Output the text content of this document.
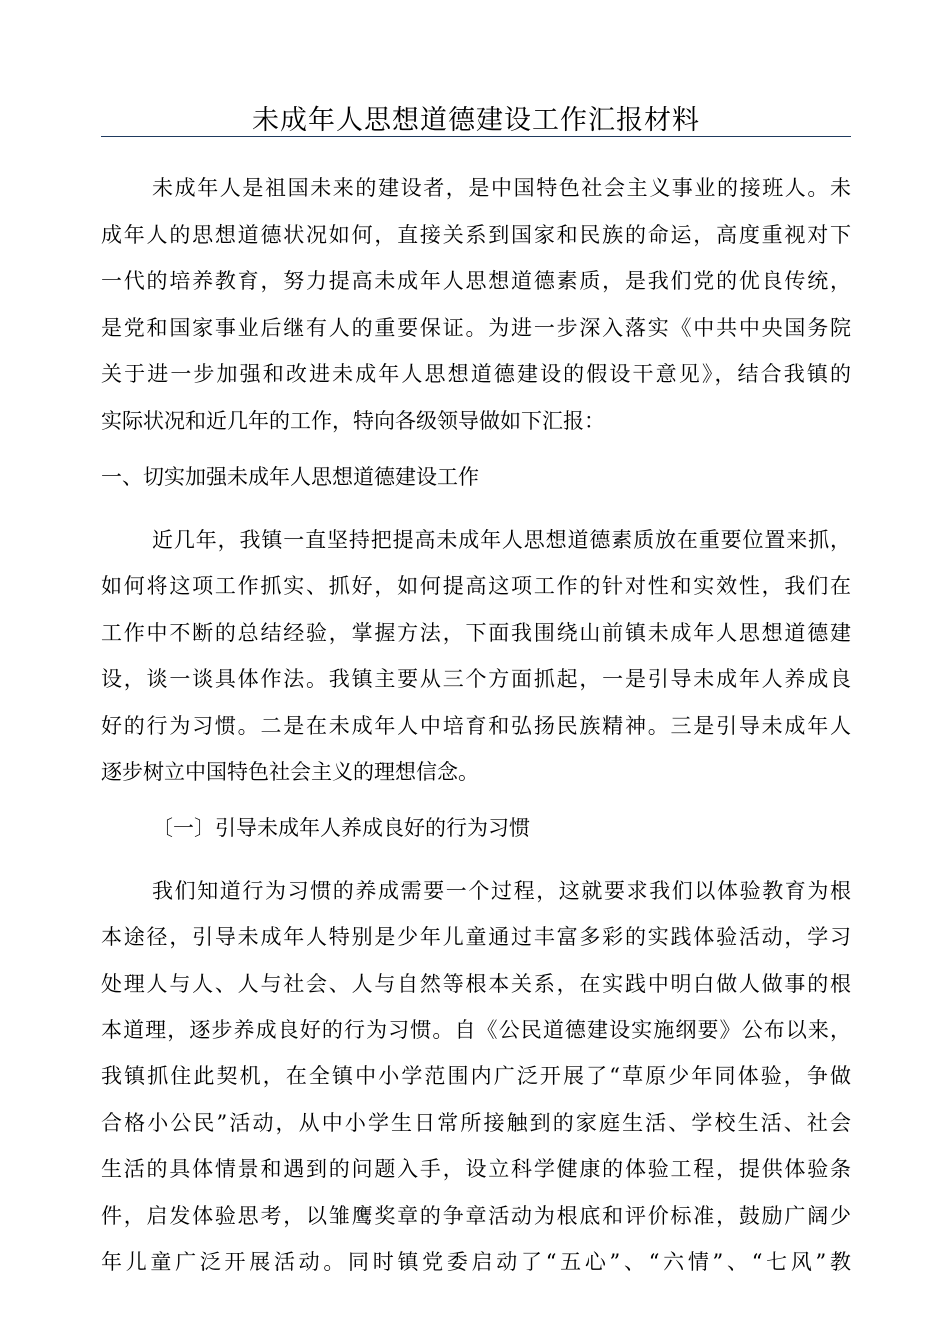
未成年人思想道德建设工作汇报材料
未成年人是祖国未来的建设者，是中国特色社会主义事业的接班人。未
成年人的思想道德状况如何，直接关系到国家和民族的命运，高度重视对下
一代的培养教育，努力提高未成年人思想道德素质，是我们党的优良传统，
是党和国家事业后继有人的重要保证。为进一步深入落实《中共中央国务院
关于进一步加强和改进未成年人思想道德建设的假设干意见》，结合我镇的
实际状况和近几年的工作，特向各级领导做如下汇报：
一、切实加强未成年人思想道德建设工作
近几年，我镇一直坚持把提高未成年人思想道德素质放在重要位置来抓，
如何将这项工作抓实、抓好，如何提高这项工作的针对性和实效性，我们在
工作中不断的总结经验，掌握方法，下面我围绕山前镇未成年人思想道德建
设，谈一谈具体作法。我镇主要从三个方面抓起，一是引导未成年人养成良
好的行为习惯。二是在未成年人中培育和弘扬民族精神。三是引导未成年人
逐步树立中国特色社会主义的理想信念。
〔一〕引导未成年人养成良好的行为习惯
我们知道行为习惯的养成需要一个过程，这就要求我们以体验教育为根
本途径，引导未成年人特别是少年儿童通过丰富多彩的实践体验活动，学习
处理人与人、人与社会、人与自然等根本关系，在实践中明白做人做事的根
本道理，逐步养成良好的行为习惯。自《公民道德建设实施纲要》公布以来，
我镇抓住此契机，在全镇中小学范围内广泛开展了“草原少年同体验，争做
合格小公民”活动，从中小学生日常所接触到的家庭生活、学校生活、社会
生活的具体情景和遇到的问题入手，设立科学健康的体验工程，提供体验条
件，启发体验思考，以雏鹰奖章的争章活动为根底和评价标准，鼓励广阔少
年儿童广泛开展活动。同时镇党委启动了“五心”、“六情”、“七风”教
